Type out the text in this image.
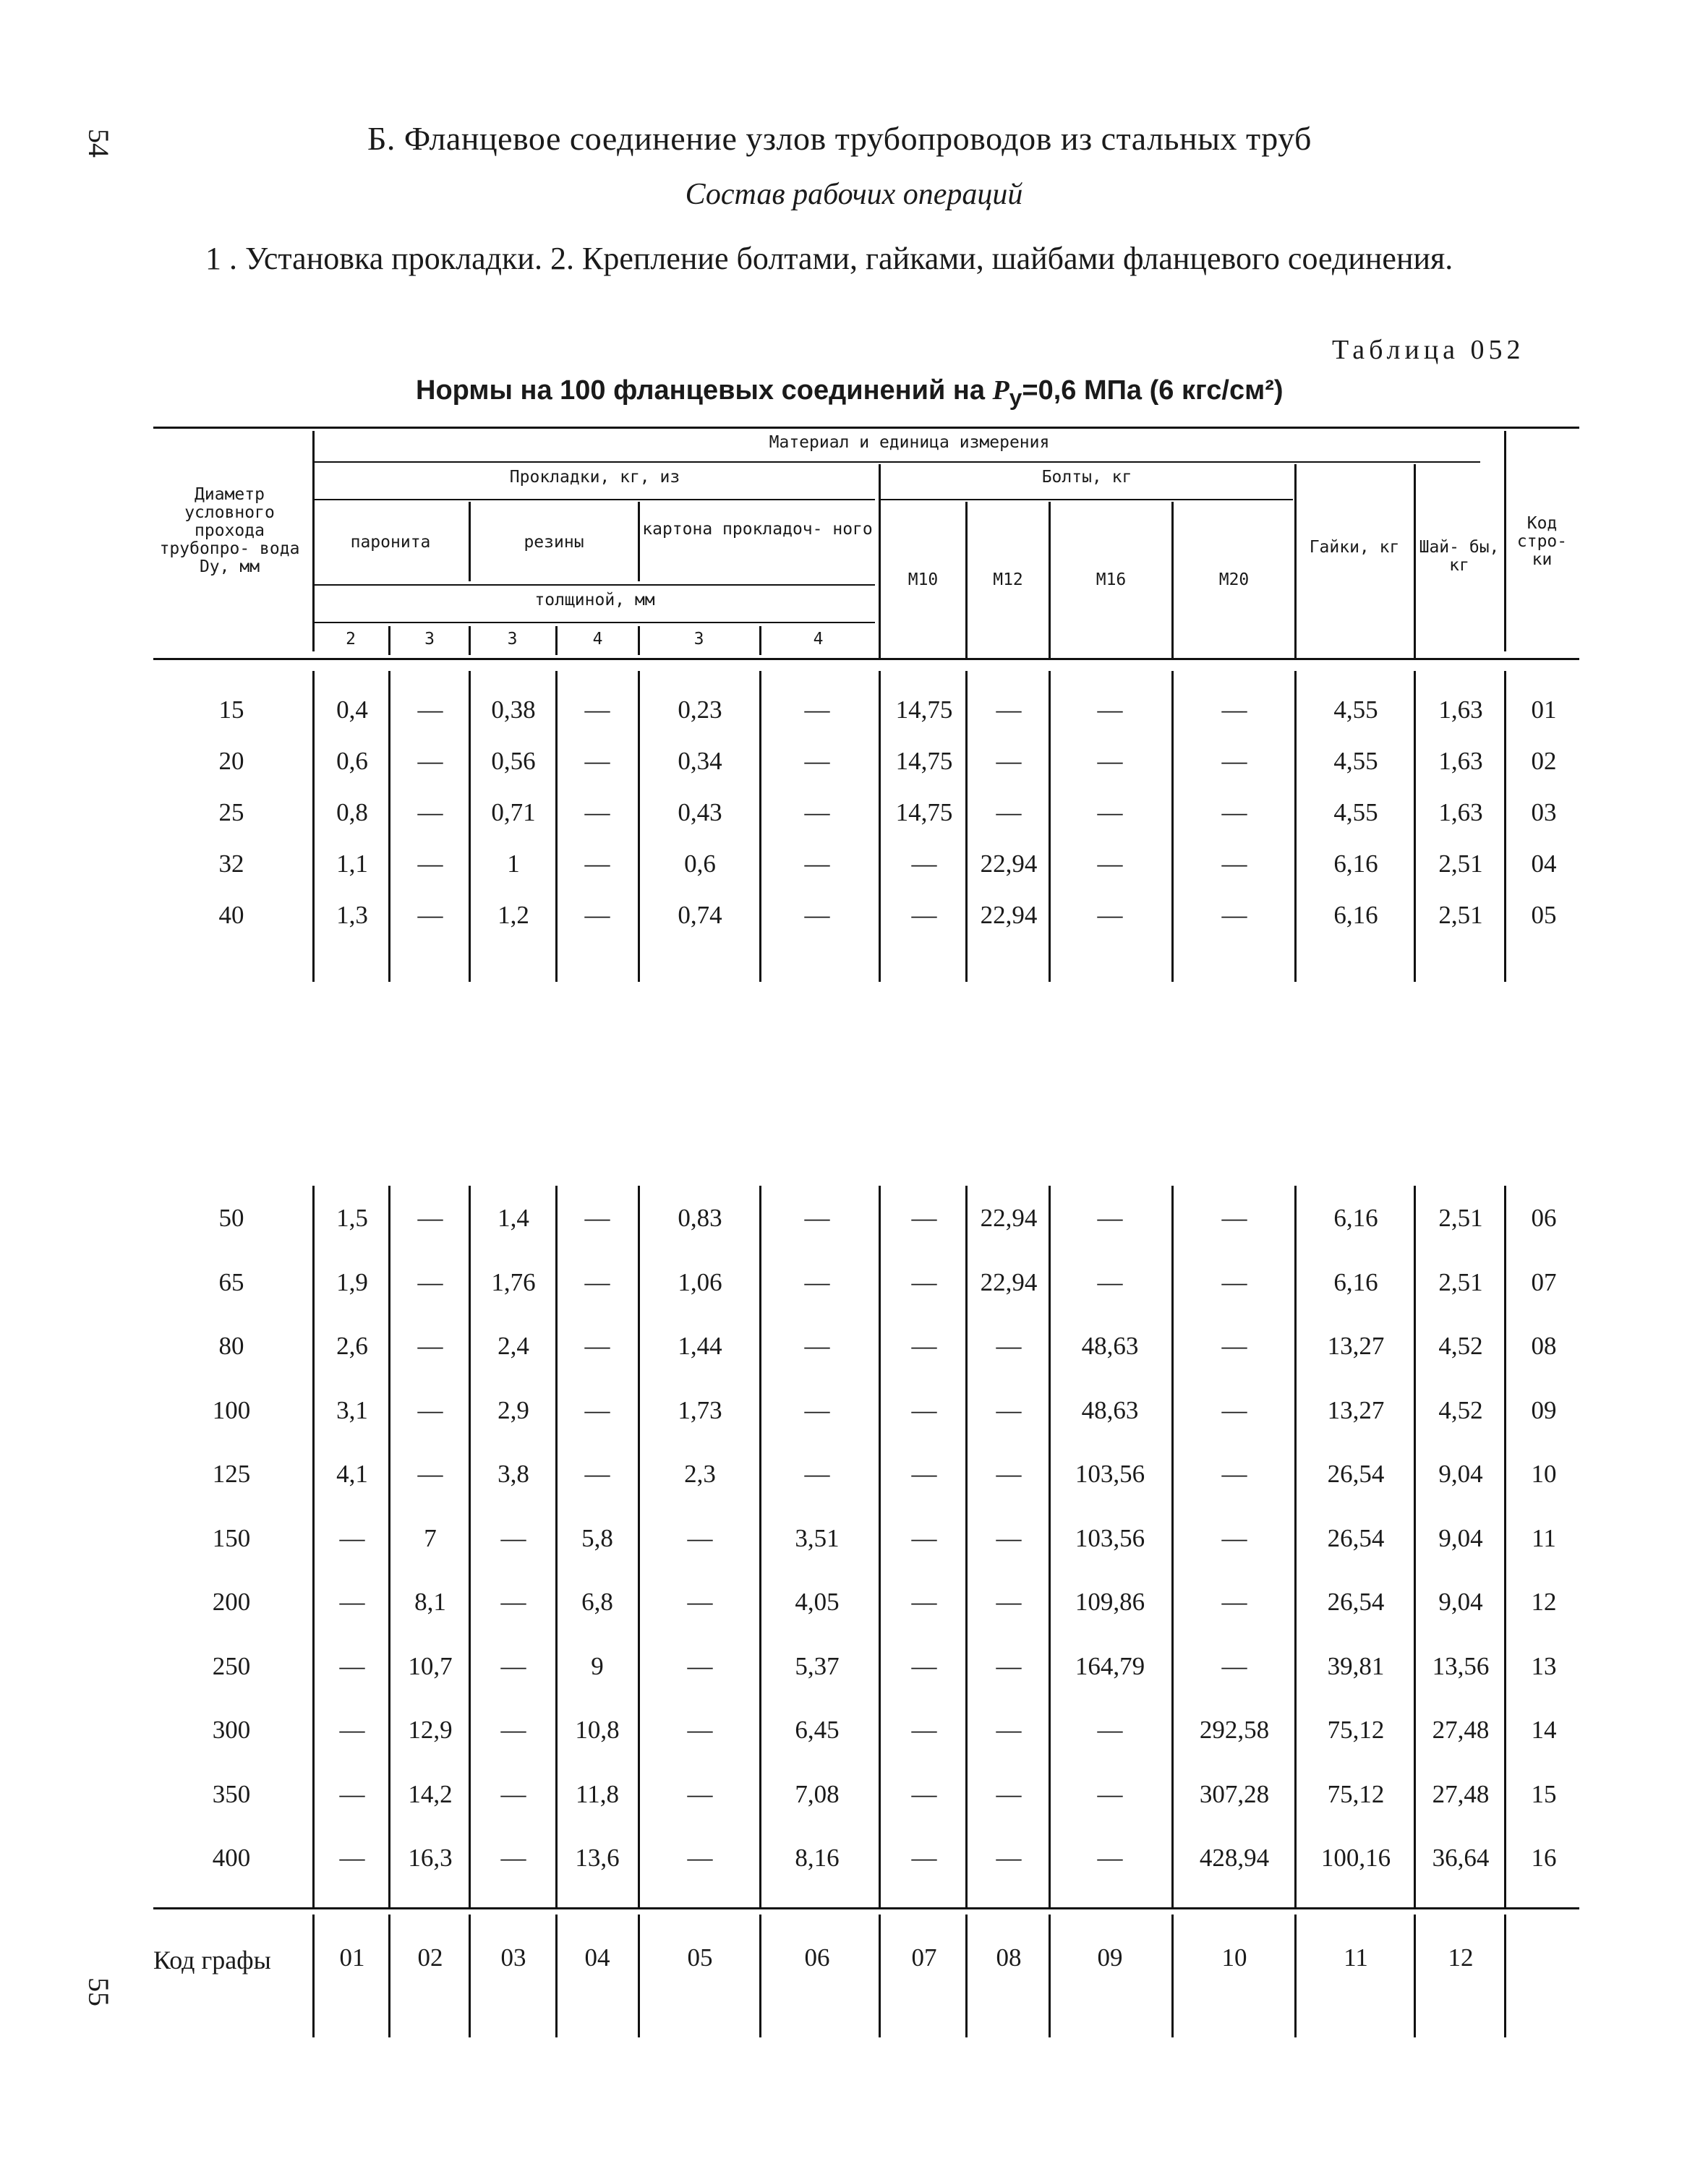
54
55
Б. Фланцевое соединение узлов трубопроводов из стальных труб
Состав рабочих операций
1 . Установка прокладки. 2. Крепление болтами, гайками, шайбами фланцевого соединения.
Таблица 052
Нормы на 100 фланцевых соединений на $P_y=0,6$ МПа (6 кгс/см²)
Диаметр условного прохода трубопро- вода Dy, мм
Материал и единица измерения
Код стро- ки
Прокладки, кг, из	Болты, кг
Гайки, кг	Шай- бы, кг
паронита	резины
картона прокладоч- ного
толщиной, мм
М10	М12	М16	М20
2	3	3	4	3	4
15	0,4	—	0,38	—	0,23	—	14,75	—	—	—	4,55	1,63	01
20	0,6	—	0,56	—	0,34	—	14,75	—	—	—	4,55	1,63	02
25	0,8	—	0,71	—	0,43	—	14,75	—	—	—	4,55	1,63	03
32	1,1	—	1	—	0,6	—	—	22,94	—	—	6,16	2,51	04
40	1,3	—	1,2	—	0,74	—	—	22,94	—	—	6,16	2,51	05
50	1,5	—	1,4	—	0,83	—	—	22,94	—	—	6,16	2,51	06
65	1,9	—	1,76	—	1,06	—	—	22,94	—	—	6,16	2,51	07
80	2,6	—	2,4	—	1,44	—	—	—	48,63	—	13,27	4,52	08
100	3,1	—	2,9	—	1,73	—	—	—	48,63	—	13,27	4,52	09
125	4,1	—	3,8	—	2,3	—	—	—	103,56	—	26,54	9,04	10
150	—	7	—	5,8	—	3,51	—	—	103,56	—	26,54	9,04	11
200	—	8,1	—	6,8	—	4,05	—	—	109,86	—	26,54	9,04	12
250	—	10,7	—	9	—	5,37	—	—	164,79	—	39,81	13,56	13
300	—	12,9	—	10,8	—	6,45	—	—	—	292,58	75,12	27,48	14
350	—	14,2	—	11,8	—	7,08	—	—	—	307,28	75,12	27,48	15
400	—	16,3	—	13,6	—	8,16	—	—	—	428,94	100,16	36,64	16
Код графы	01	02	03	04	05	06	07	08	09	10	11	12
